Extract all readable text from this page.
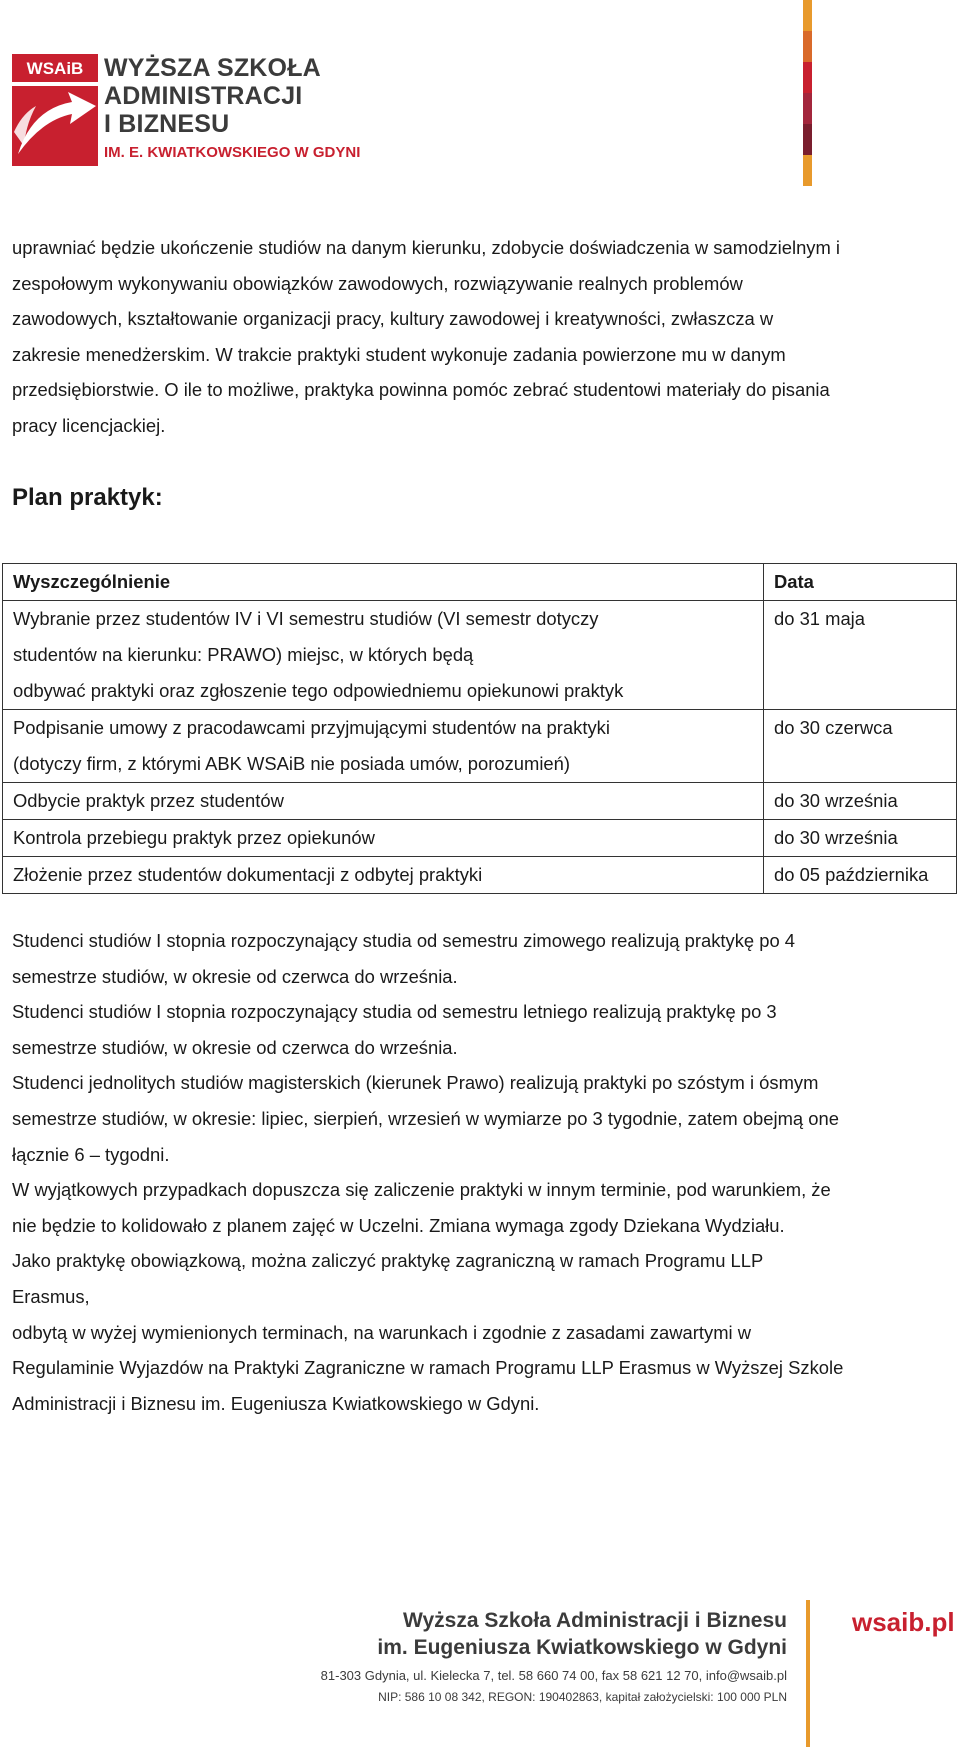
WSAiB WYŻSZA SZKOŁA
ADMINISTRACJI
I BIZNESU
IM. E. KWIATKOWSKIEGO W GDYNI
uprawniać będzie ukończenie studiów na danym kierunku, zdobycie doświadczenia w samodzielnym i
zespołowym wykonywaniu obowiązków zawodowych, rozwiązywanie realnych problemów
zawodowych, kształtowanie organizacji pracy, kultury zawodowej i kreatywności, zwłaszcza w
zakresie menedżerskim. W trakcie praktyki student wykonuje zadania powierzone mu w danym
przedsiębiorstwie. O ile to możliwe, praktyka powinna pomóc zebrać studentowi materiały do pisania
pracy licencjackiej.
Plan praktyk:
Wyszczególnienie	Data

Wybranie przez studentów IV i VI semestru studiów (VI semestr dotyczy
studentów na kierunku: PRAWO) miejsc, w których będą
odbywać praktyki oraz zgłoszenie tego odpowiedniemu opiekunowi praktyk	do 31 maja

Podpisanie umowy z pracodawcami przyjmującymi studentów na praktyki
(dotyczy firm, z którymi ABK WSAiB nie posiada umów, porozumień)	do 30 czerwca

Odbycie praktyk przez studentów	do 30 września

Kontrola przebiegu praktyk przez opiekunów	do 30 września

Złożenie przez studentów dokumentacji z odbytej praktyki	do 05 października
Studenci studiów I stopnia rozpoczynający studia od semestru zimowego realizują praktykę po 4
semestrze studiów, w okresie od czerwca do września.
Studenci studiów I stopnia rozpoczynający studia od semestru letniego realizują praktykę po 3
semestrze studiów, w okresie od czerwca do września.
Studenci jednolitych studiów magisterskich (kierunek Prawo) realizują praktyki po szóstym i ósmym
semestrze studiów, w okresie: lipiec, sierpień, wrzesień w wymiarze po 3 tygodnie, zatem obejmą one
łącznie 6 – tygodni.
W wyjątkowych przypadkach dopuszcza się zaliczenie praktyki w innym terminie, pod warunkiem, że
nie będzie to kolidowało z planem zajęć w Uczelni. Zmiana wymaga zgody Dziekana Wydziału.
Jako praktykę obowiązkową, można zaliczyć praktykę zagraniczną w ramach Programu LLP
Erasmus,
odbytą w wyżej wymienionych terminach, na warunkach i zgodnie z zasadami zawartymi w
Regulaminie Wyjazdów na Praktyki Zagraniczne w ramach Programu LLP Erasmus w Wyższej Szkole
Administracji i Biznesu im. Eugeniusza Kwiatkowskiego w Gdyni.
Wyższa Szkoła Administracji i Biznesu
im. Eugeniusza Kwiatkowskiego w Gdyni
81-303 Gdynia, ul. Kielecka 7, tel. 58 660 74 00, fax 58 621 12 70, info@wsaib.pl
NIP: 586 10 08 342, REGON: 190402863, kapitał założycielski: 100 000 PLN
wsaib.pl
